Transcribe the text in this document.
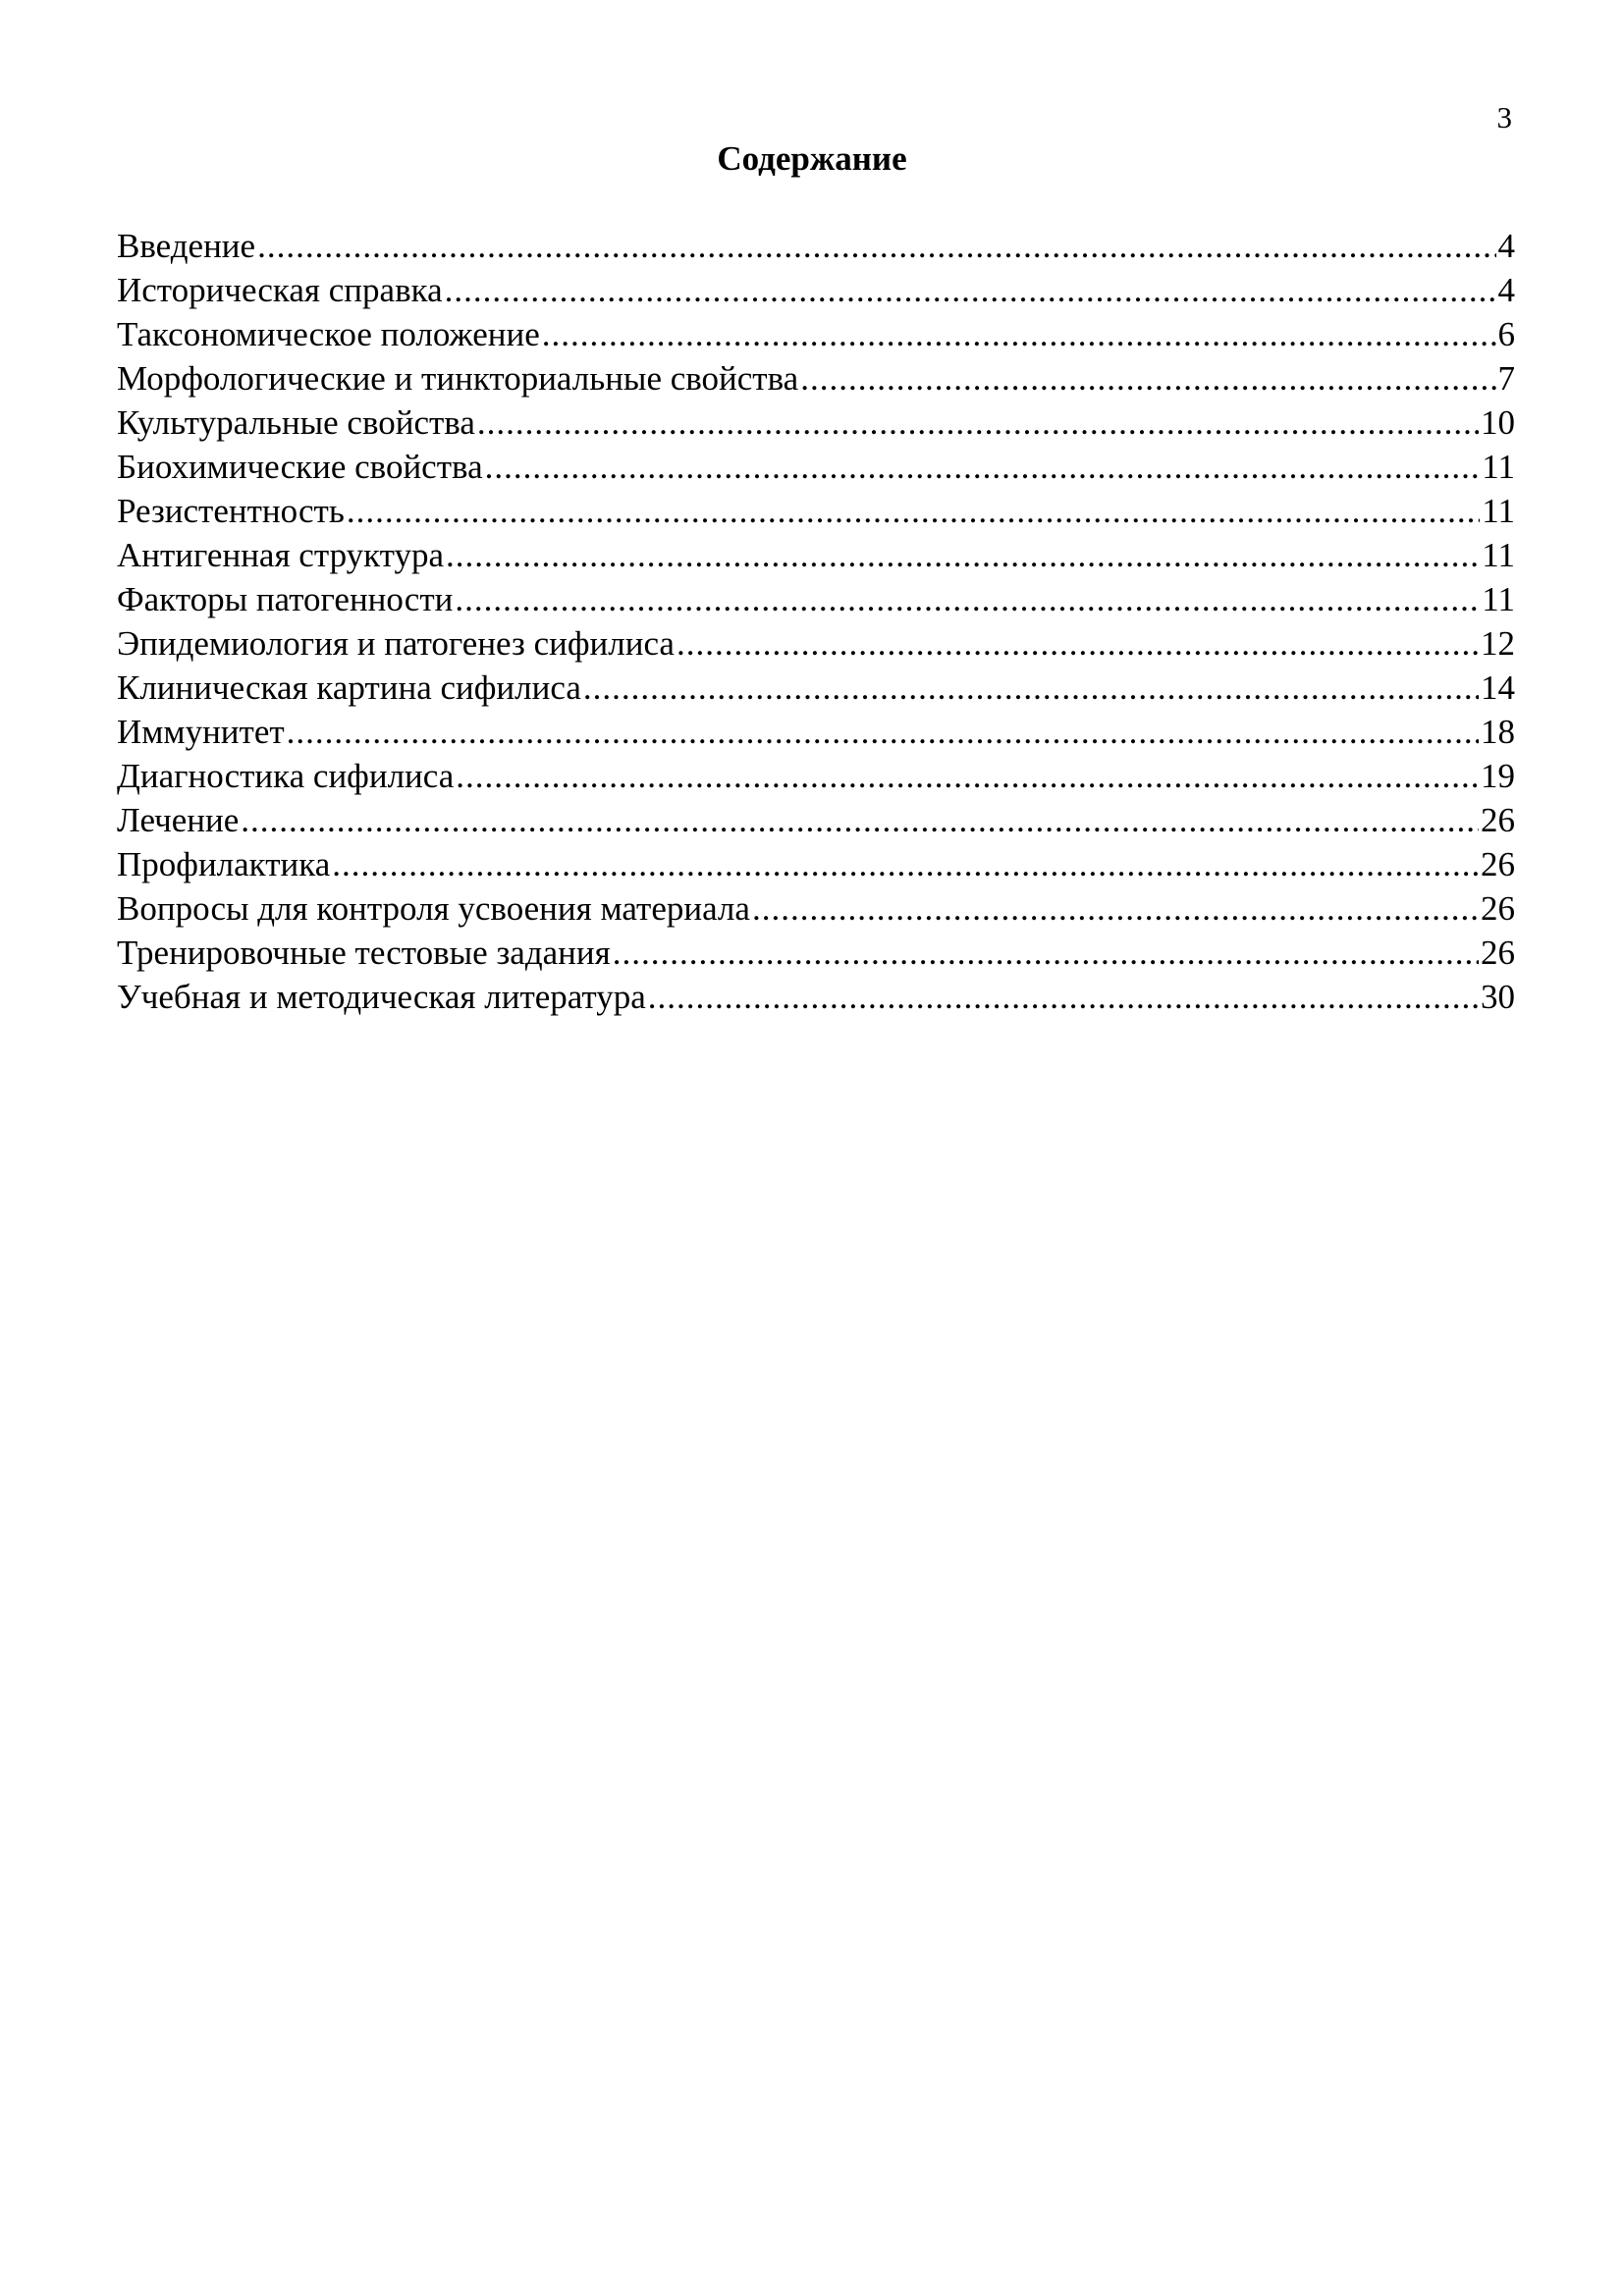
3
Содержание
Введение .....	4
Историческая справка .....	4
Таксономическое положение .....	6
Морфологические и тинкториальные свойства .....	7
Культуральные свойства .....	10
Биохимические свойства .....	11
Резистентность .....	11
Антигенная структура .....	11
Факторы патогенности .....	11
Эпидемиология и патогенез сифилиса .....	12
Клиническая картина сифилиса .....	14
Иммунитет .....	18
Диагностика сифилиса .....	19
Лечение .....	26
Профилактика .....	26
Вопросы для контроля усвоения материала .....	26
Тренировочные тестовые задания .....	26
Учебная и методическая литература .....	30
